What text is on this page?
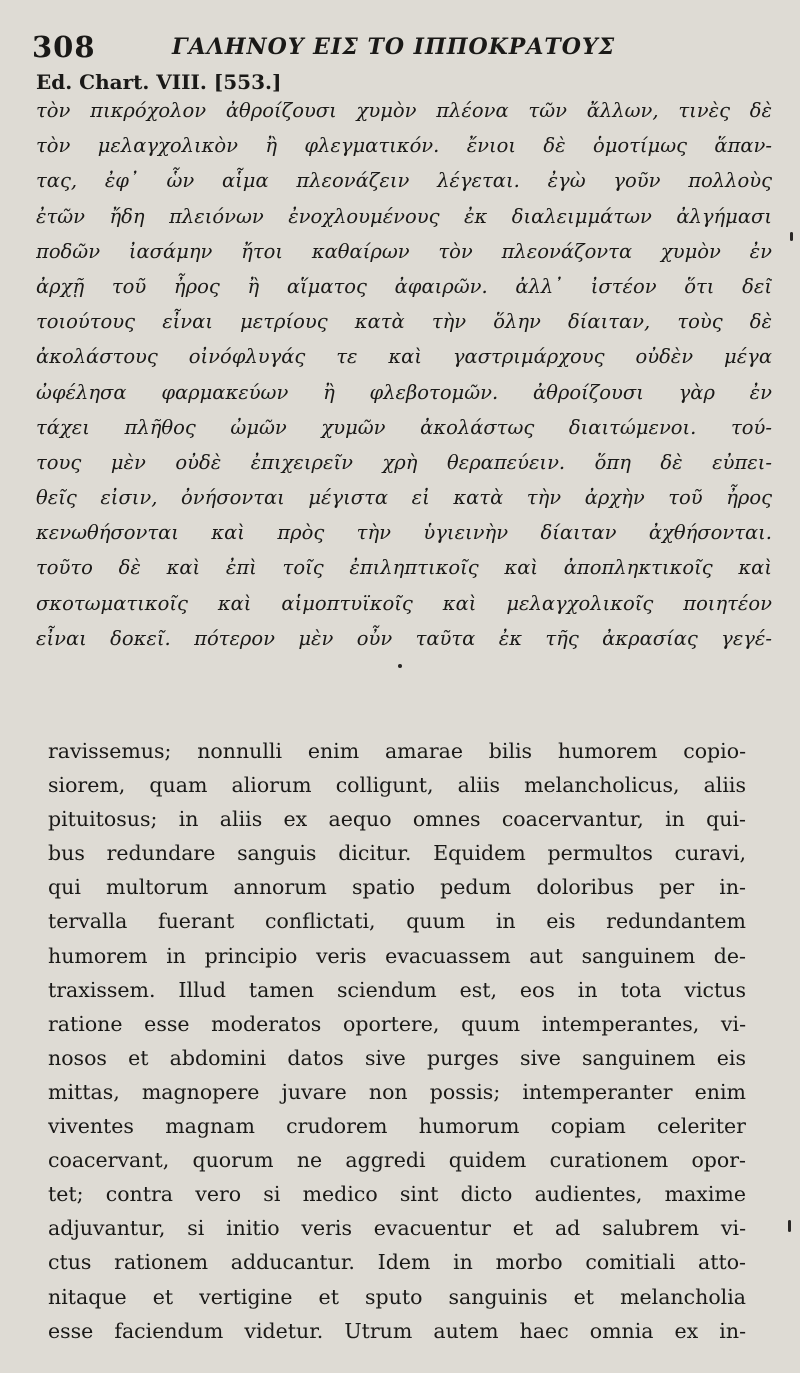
308	ΓΑΛΗΝΟΥ ΕΙΣ ΤΟ ΙΠΠΟΚΡΑΤΟΥΣ
Ed. Chart. VIII. [553.]
τὸν πικρόχολον ἀθροίζουσι χυμὸν πλέονα τῶν ἄλλων, τινὲς δὲ
τὸν μελαγχολικὸν ἢ φλεγματικόν. ἔνιοι δὲ ὁμοτίμως ἅπαν-
τας, ἐφ᾽ ὧν αἷμα πλεονάζειν λέγεται. ἐγὼ γοῦν πολλοὺς
ἐτῶν ἤδη πλειόνων ἐνοχλουμένους ἐκ διαλειμμάτων ἀλγήμασι
ποδῶν ἰασάμην ἤτοι καθαίρων τὸν πλεονάζοντα χυμὸν ἐν
ἀρχῇ τοῦ ἦρος ἢ αἵματος ἀφαιρῶν. ἀλλ᾽ ἰστέον ὅτι δεῖ
τοιούτους εἶναι μετρίους κατὰ τὴν ὅλην δίαιταν, τοὺς δὲ
ἀκολάστους οἰνόφλυγάς τε καὶ γαστριμάρχους οὐδὲν μέγα
ὠφέλησα φαρμακεύων ἢ φλεβοτομῶν. ἀθροίζουσι γὰρ ἐν
τάχει πλῆθος ὠμῶν χυμῶν ἀκολάστως διαιτώμενοι. τού-
τους μὲν οὐδὲ ἐπιχειρεῖν χρὴ θεραπεύειν. ὅπη δὲ εὐπει-
θεῖς εἰσιν, ὀνήσονται μέγιστα εἰ κατὰ τὴν ἀρχὴν τοῦ ἦρος
κενωθήσονται καὶ πρὸς τὴν ὑγιεινὴν δίαιταν ἀχθήσονται.
τοῦτο δὲ καὶ ἐπὶ τοῖς ἐπιληπτικοῖς καὶ ἀποπληκτικοῖς καὶ
σκοτωματικοῖς καὶ αἱμοπτυϊκοῖς καὶ μελαγχολικοῖς ποιητέον
εἶναι δοκεῖ. πότερον μὲν οὖν ταῦτα ἐκ τῆς ἀκρασίας γεγέ-
ravissemus; nonnulli enim amarae bilis humorem copio-
siorem, quam aliorum colligunt, aliis melancholicus, aliis
pituitosus; in aliis ex aequo omnes coacervantur, in qui-
bus redundare sanguis dicitur. Equidem permultos curavi,
qui multorum annorum spatio pedum doloribus per in-
tervalla fuerant conflictati, quum in eis redundantem
humorem in principio veris evacuassem aut sanguinem de-
traxissem. Illud tamen sciendum est, eos in tota victus
ratione esse moderatos oportere, quum intemperantes, vi-
nosos et abdomini datos sive purges sive sanguinem eis
mittas, magnopere juvare non possis; intemperanter enim
viventes magnam crudorem humorum copiam celeriter
coacervant, quorum ne aggredi quidem curationem opor-
tet; contra vero si medico sint dicto audientes, maxime
adjuvantur, si initio veris evacuentur et ad salubrem vi-
ctus rationem adducantur. Idem in morbo comitiali atto-
nitaque et vertigine et sputo sanguinis et melancholia
esse faciendum videtur. Utrum autem haec omnia ex in-
